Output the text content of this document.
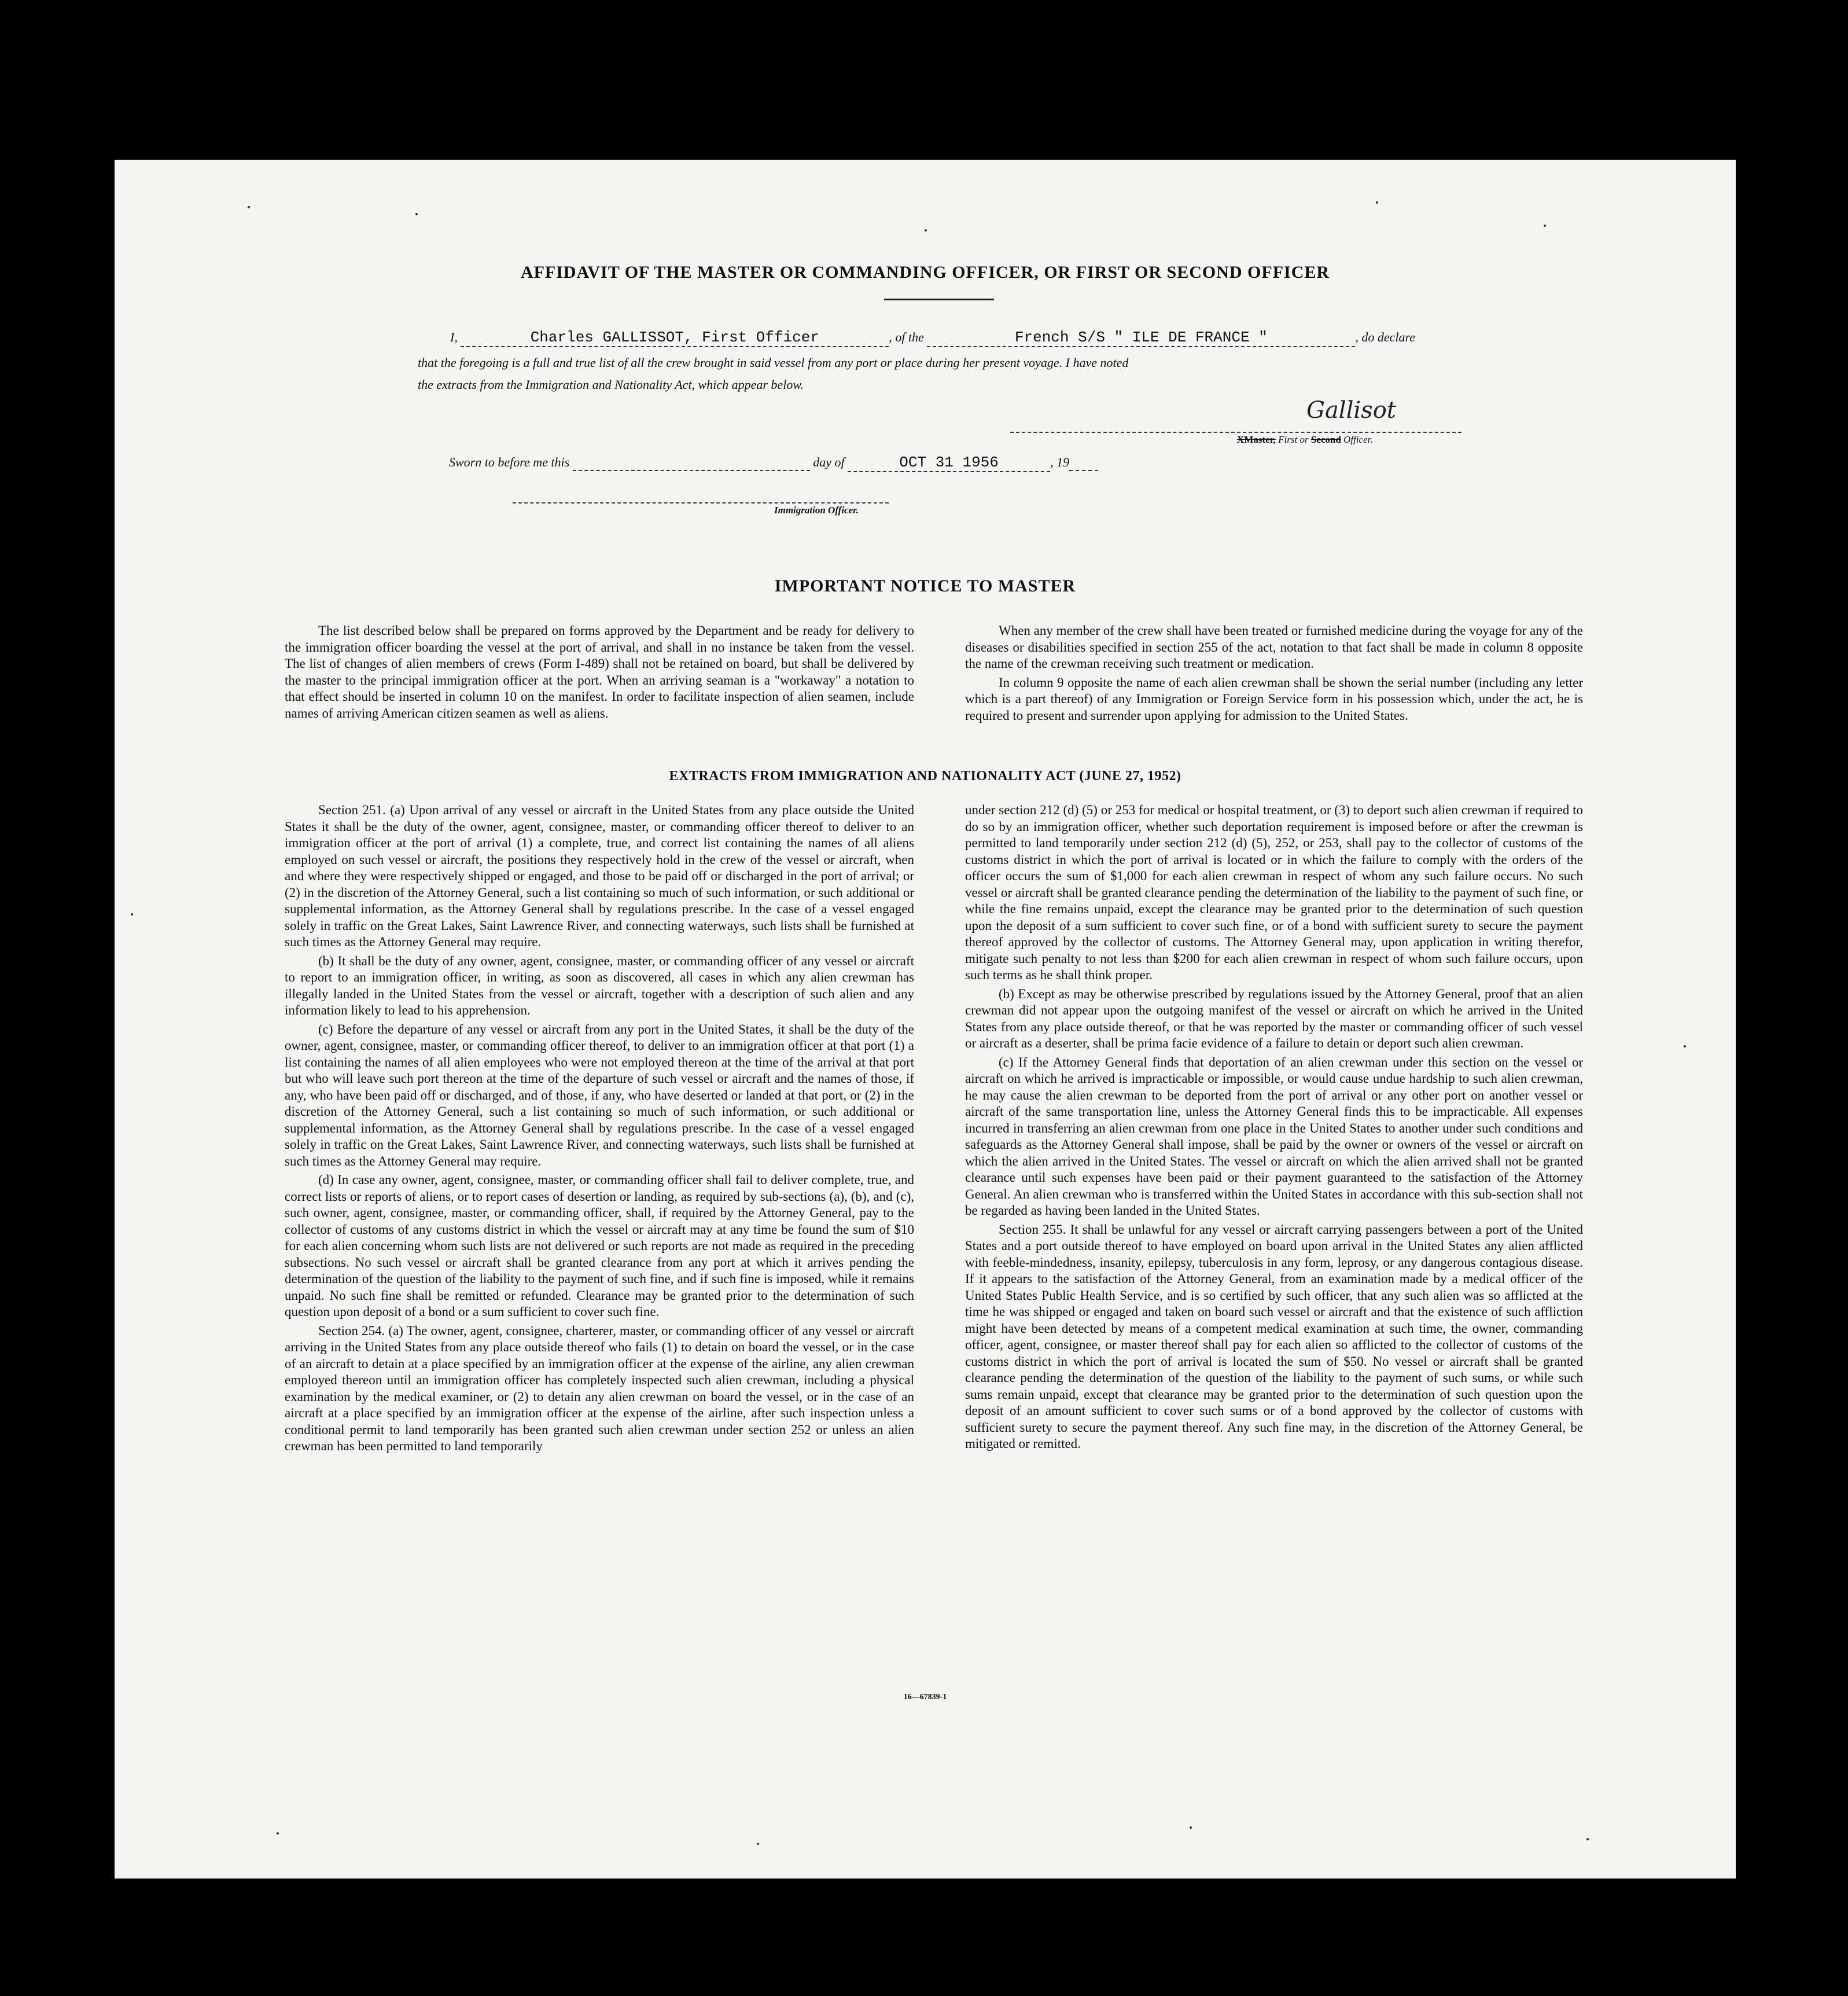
AFFIDAVIT OF THE MASTER OR COMMANDING OFFICER, OR FIRST OR SECOND OFFICER
I,	Charles GALLISSOT, First Officer	, of the	French S/S " ILE DE FRANCE "	, do declare
that the foregoing is a full and true list of all the crew brought in said vessel from any port or place during her present voyage. I have noted
the extracts from the Immigration and Nationality Act, which appear below.
Gallisot
XMaster, First or Second Officer.
Sworn to before me this	day of	OCT 31 1956	, 19
Immigration Officer.
IMPORTANT NOTICE TO MASTER

The list described below shall be prepared on forms approved by the Department and be ready for delivery to the immigration officer boarding the vessel at the port of arrival, and shall in no instance be taken from the vessel. The list of changes of alien members of crews (Form I-489) shall not be retained on board, but shall be delivered by the master to the principal immigration officer at the port. When an arriving seaman is a "workaway" a notation to that effect should be inserted in column 10 on the manifest. In order to facilitate inspection of alien seamen, include names of arriving American citizen seamen as well as aliens.

When any member of the crew shall have been treated or furnished medicine during the voyage for any of the diseases or disabilities specified in section 255 of the act, notation to that fact shall be made in column 8 opposite the name of the crewman receiving such treatment or medication.

In column 9 opposite the name of each alien crewman shall be shown the serial number (including any letter which is a part thereof) of any Immigration or Foreign Service form in his possession which, under the act, he is required to present and surrender upon applying for admission to the United States.

EXTRACTS FROM IMMIGRATION AND NATIONALITY ACT (JUNE 27, 1952)

Section 251. (a) Upon arrival of any vessel or aircraft in the United States from any place outside the United States it shall be the duty of the owner, agent, consignee, master, or commanding officer thereof to deliver to an immigration officer at the port of arrival (1) a complete, true, and correct list containing the names of all aliens employed on such vessel or aircraft, the positions they respectively hold in the crew of the vessel or aircraft, when and where they were respectively shipped or engaged, and those to be paid off or discharged in the port of arrival; or (2) in the discretion of the Attorney General, such a list containing so much of such information, or such additional or supplemental information, as the Attorney General shall by regulations prescribe. In the case of a vessel engaged solely in traffic on the Great Lakes, Saint Lawrence River, and connecting waterways, such lists shall be furnished at such times as the Attorney General may require.

(b) It shall be the duty of any owner, agent, consignee, master, or commanding officer of any vessel or aircraft to report to an immigration officer, in writing, as soon as discovered, all cases in which any alien crewman has illegally landed in the United States from the vessel or aircraft, together with a description of such alien and any information likely to lead to his apprehension.

(c) Before the departure of any vessel or aircraft from any port in the United States, it shall be the duty of the owner, agent, consignee, master, or commanding officer thereof, to deliver to an immigration officer at that port (1) a list containing the names of all alien employees who were not employed thereon at the time of the arrival at that port but who will leave such port thereon at the time of the departure of such vessel or aircraft and the names of those, if any, who have been paid off or discharged, and of those, if any, who have deserted or landed at that port, or (2) in the discretion of the Attorney General, such a list containing so much of such information, or such additional or supplemental information, as the Attorney General shall by regulations prescribe. In the case of a vessel engaged solely in traffic on the Great Lakes, Saint Lawrence River, and connecting waterways, such lists shall be furnished at such times as the Attorney General may require.

(d) In case any owner, agent, consignee, master, or commanding officer shall fail to deliver complete, true, and correct lists or reports of aliens, or to report cases of desertion or landing, as required by sub-sections (a), (b), and (c), such owner, agent, consignee, master, or commanding officer, shall, if required by the Attorney General, pay to the collector of customs of any customs district in which the vessel or aircraft may at any time be found the sum of $10 for each alien concerning whom such lists are not delivered or such reports are not made as required in the preceding subsections. No such vessel or aircraft shall be granted clearance from any port at which it arrives pending the determination of the question of the liability to the payment of such fine, and if such fine is imposed, while it remains unpaid. No such fine shall be remitted or refunded. Clearance may be granted prior to the determination of such question upon deposit of a bond or a sum sufficient to cover such fine.

Section 254. (a) The owner, agent, consignee, charterer, master, or commanding officer of any vessel or aircraft arriving in the United States from any place outside thereof who fails (1) to detain on board the vessel, or in the case of an aircraft to detain at a place specified by an immigration officer at the expense of the airline, any alien crewman employed thereon until an immigration officer has completely inspected such alien crewman, including a physical examination by the medical examiner, or (2) to detain any alien crewman on board the vessel, or in the case of an aircraft at a place specified by an immigration officer at the expense of the airline, after such inspection unless a conditional permit to land temporarily has been granted such alien crewman under section 252 or unless an alien crewman has been permitted to land temporarily

under section 212 (d) (5) or 253 for medical or hospital treatment, or (3) to deport such alien crewman if required to do so by an immigration officer, whether such deportation requirement is imposed before or after the crewman is permitted to land temporarily under section 212 (d) (5), 252, or 253, shall pay to the collector of customs of the customs district in which the port of arrival is located or in which the failure to comply with the orders of the officer occurs the sum of $1,000 for each alien crewman in respect of whom any such failure occurs. No such vessel or aircraft shall be granted clearance pending the determination of the liability to the payment of such fine, or while the fine remains unpaid, except the clearance may be granted prior to the determination of such question upon the deposit of a sum sufficient to cover such fine, or of a bond with sufficient surety to secure the payment thereof approved by the collector of customs. The Attorney General may, upon application in writing therefor, mitigate such penalty to not less than $200 for each alien crewman in respect of whom such failure occurs, upon such terms as he shall think proper.

(b) Except as may be otherwise prescribed by regulations issued by the Attorney General, proof that an alien crewman did not appear upon the outgoing manifest of the vessel or aircraft on which he arrived in the United States from any place outside thereof, or that he was reported by the master or commanding officer of such vessel or aircraft as a deserter, shall be prima facie evidence of a failure to detain or deport such alien crewman.

(c) If the Attorney General finds that deportation of an alien crewman under this section on the vessel or aircraft on which he arrived is impracticable or impossible, or would cause undue hardship to such alien crewman, he may cause the alien crewman to be deported from the port of arrival or any other port on another vessel or aircraft of the same transportation line, unless the Attorney General finds this to be impracticable. All expenses incurred in transferring an alien crewman from one place in the United States to another under such conditions and safeguards as the Attorney General shall impose, shall be paid by the owner or owners of the vessel or aircraft on which the alien arrived in the United States. The vessel or aircraft on which the alien arrived shall not be granted clearance until such expenses have been paid or their payment guaranteed to the satisfaction of the Attorney General. An alien crewman who is transferred within the United States in accordance with this sub-section shall not be regarded as having been landed in the United States.

Section 255. It shall be unlawful for any vessel or aircraft carrying passengers between a port of the United States and a port outside thereof to have employed on board upon arrival in the United States any alien afflicted with feeble-mindedness, insanity, epilepsy, tuberculosis in any form, leprosy, or any dangerous contagious disease. If it appears to the satisfaction of the Attorney General, from an examination made by a medical officer of the United States Public Health Service, and is so certified by such officer, that any such alien was so afflicted at the time he was shipped or engaged and taken on board such vessel or aircraft and that the existence of such affliction might have been detected by means of a competent medical examination at such time, the owner, commanding officer, agent, consignee, or master thereof shall pay for each alien so afflicted to the collector of customs of the customs district in which the port of arrival is located the sum of $50. No vessel or aircraft shall be granted clearance pending the determination of the question of the liability to the payment of such sums, or while such sums remain unpaid, except that clearance may be granted prior to the determination of such question upon the deposit of an amount sufficient to cover such sums or of a bond approved by the collector of customs with sufficient surety to secure the payment thereof. Any such fine may, in the discretion of the Attorney General, be mitigated or remitted.

16—67839-1
